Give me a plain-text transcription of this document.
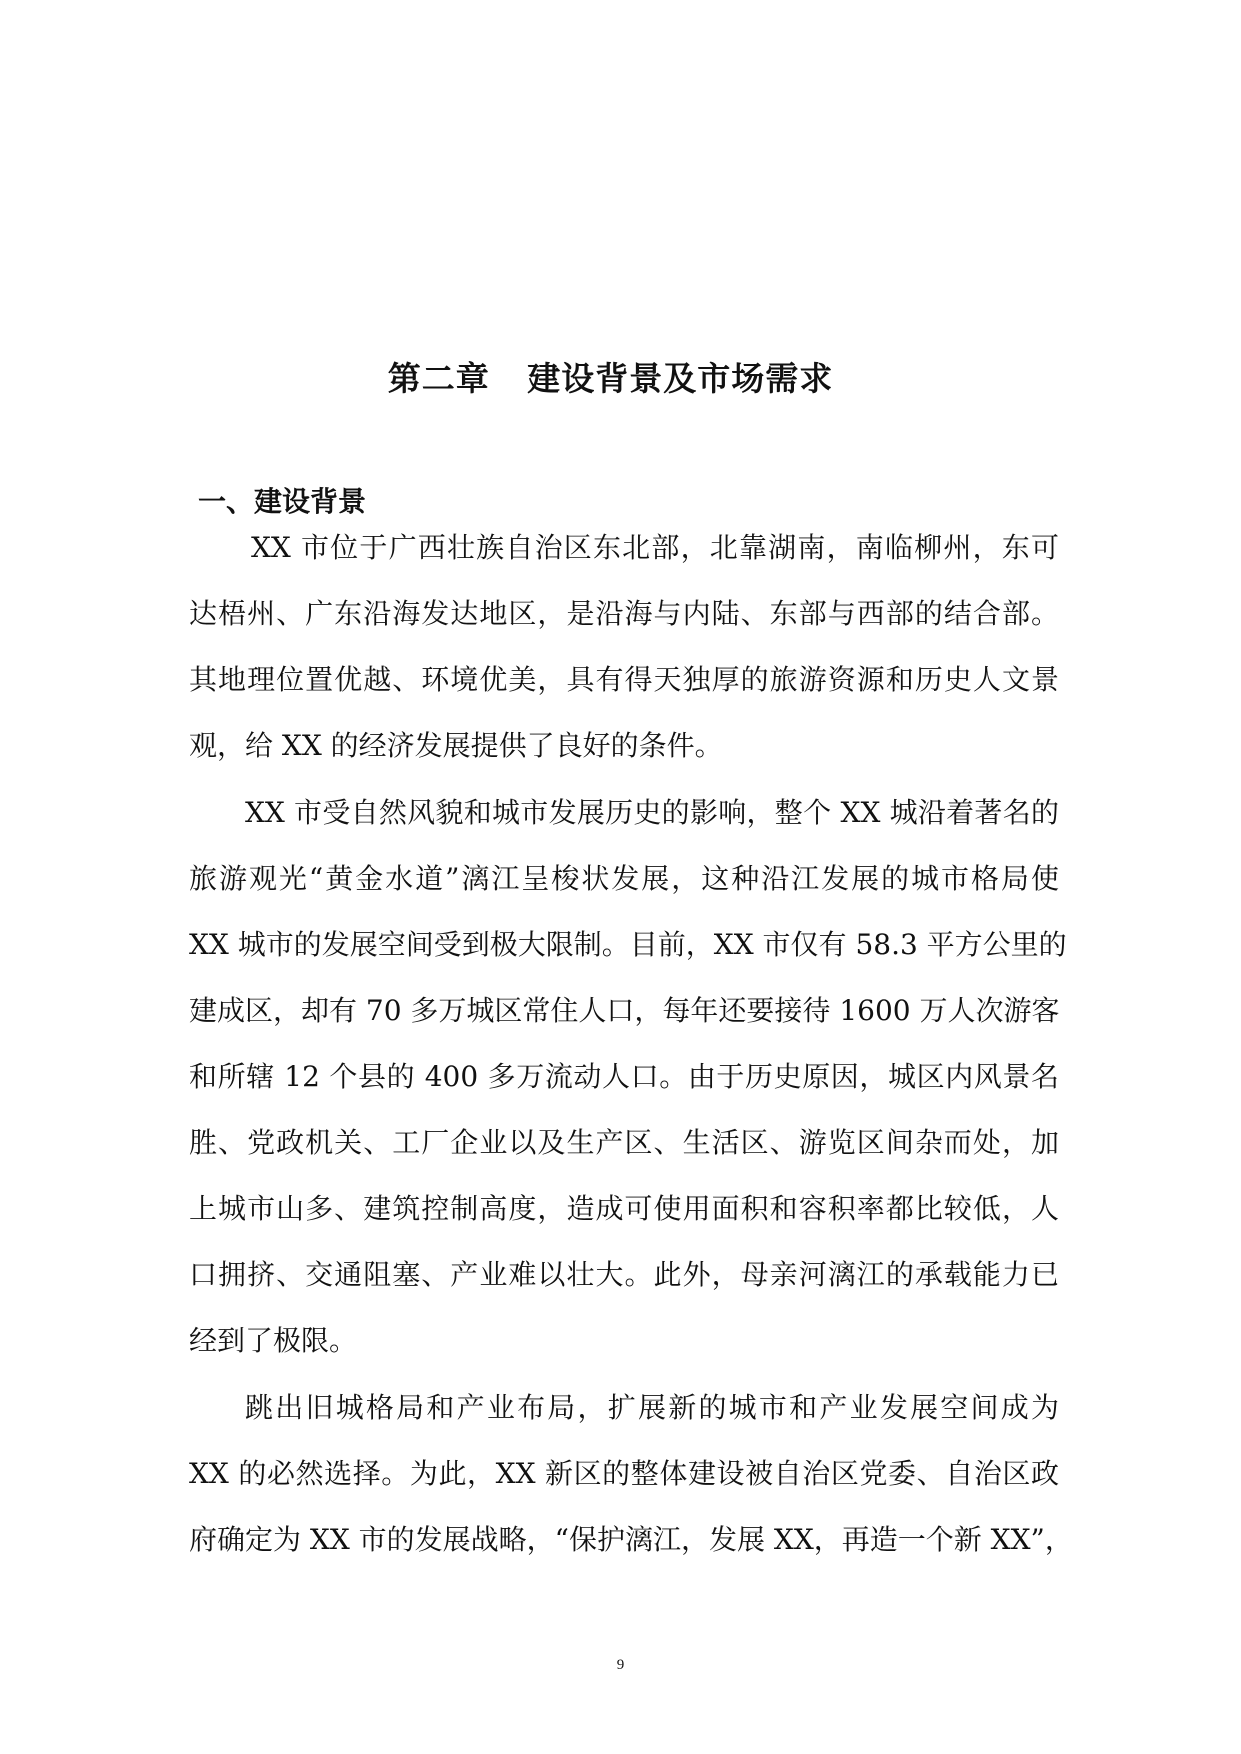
第二章   建设背景及市场需求
一、建设背景
XX 市位于广西壮族自治区东北部，北靠湖南，南临柳州，东可
达梧州、广东沿海发达地区，是沿海与内陆、东部与西部的结合部。
其地理位置优越、环境优美，具有得天独厚的旅游资源和历史人文景
观，给 XX 的经济发展提供了良好的条件。
XX 市受自然风貌和城市发展历史的影响，整个 XX 城沿着著名的
旅游观光“黄金水道”漓江呈梭状发展，这种沿江发展的城市格局使
XX 城市的发展空间受到极大限制。目前，XX 市仅有 58.3 平方公里的
建成区，却有 70 多万城区常住人口，每年还要接待 1600 万人次游客
和所辖 12 个县的 400 多万流动人口。由于历史原因，城区内风景名
胜、党政机关、工厂企业以及生产区、生活区、游览区间杂而处，加
上城市山多、建筑控制高度，造成可使用面积和容积率都比较低，人
口拥挤、交通阻塞、产业难以壮大。此外，母亲河漓江的承载能力已
经到了极限。
跳出旧城格局和产业布局，扩展新的城市和产业发展空间成为
XX 的必然选择。为此，XX 新区的整体建设被自治区党委、自治区政
府确定为 XX 市的发展战略，“保护漓江，发展 XX，再造一个新 XX”，
9
